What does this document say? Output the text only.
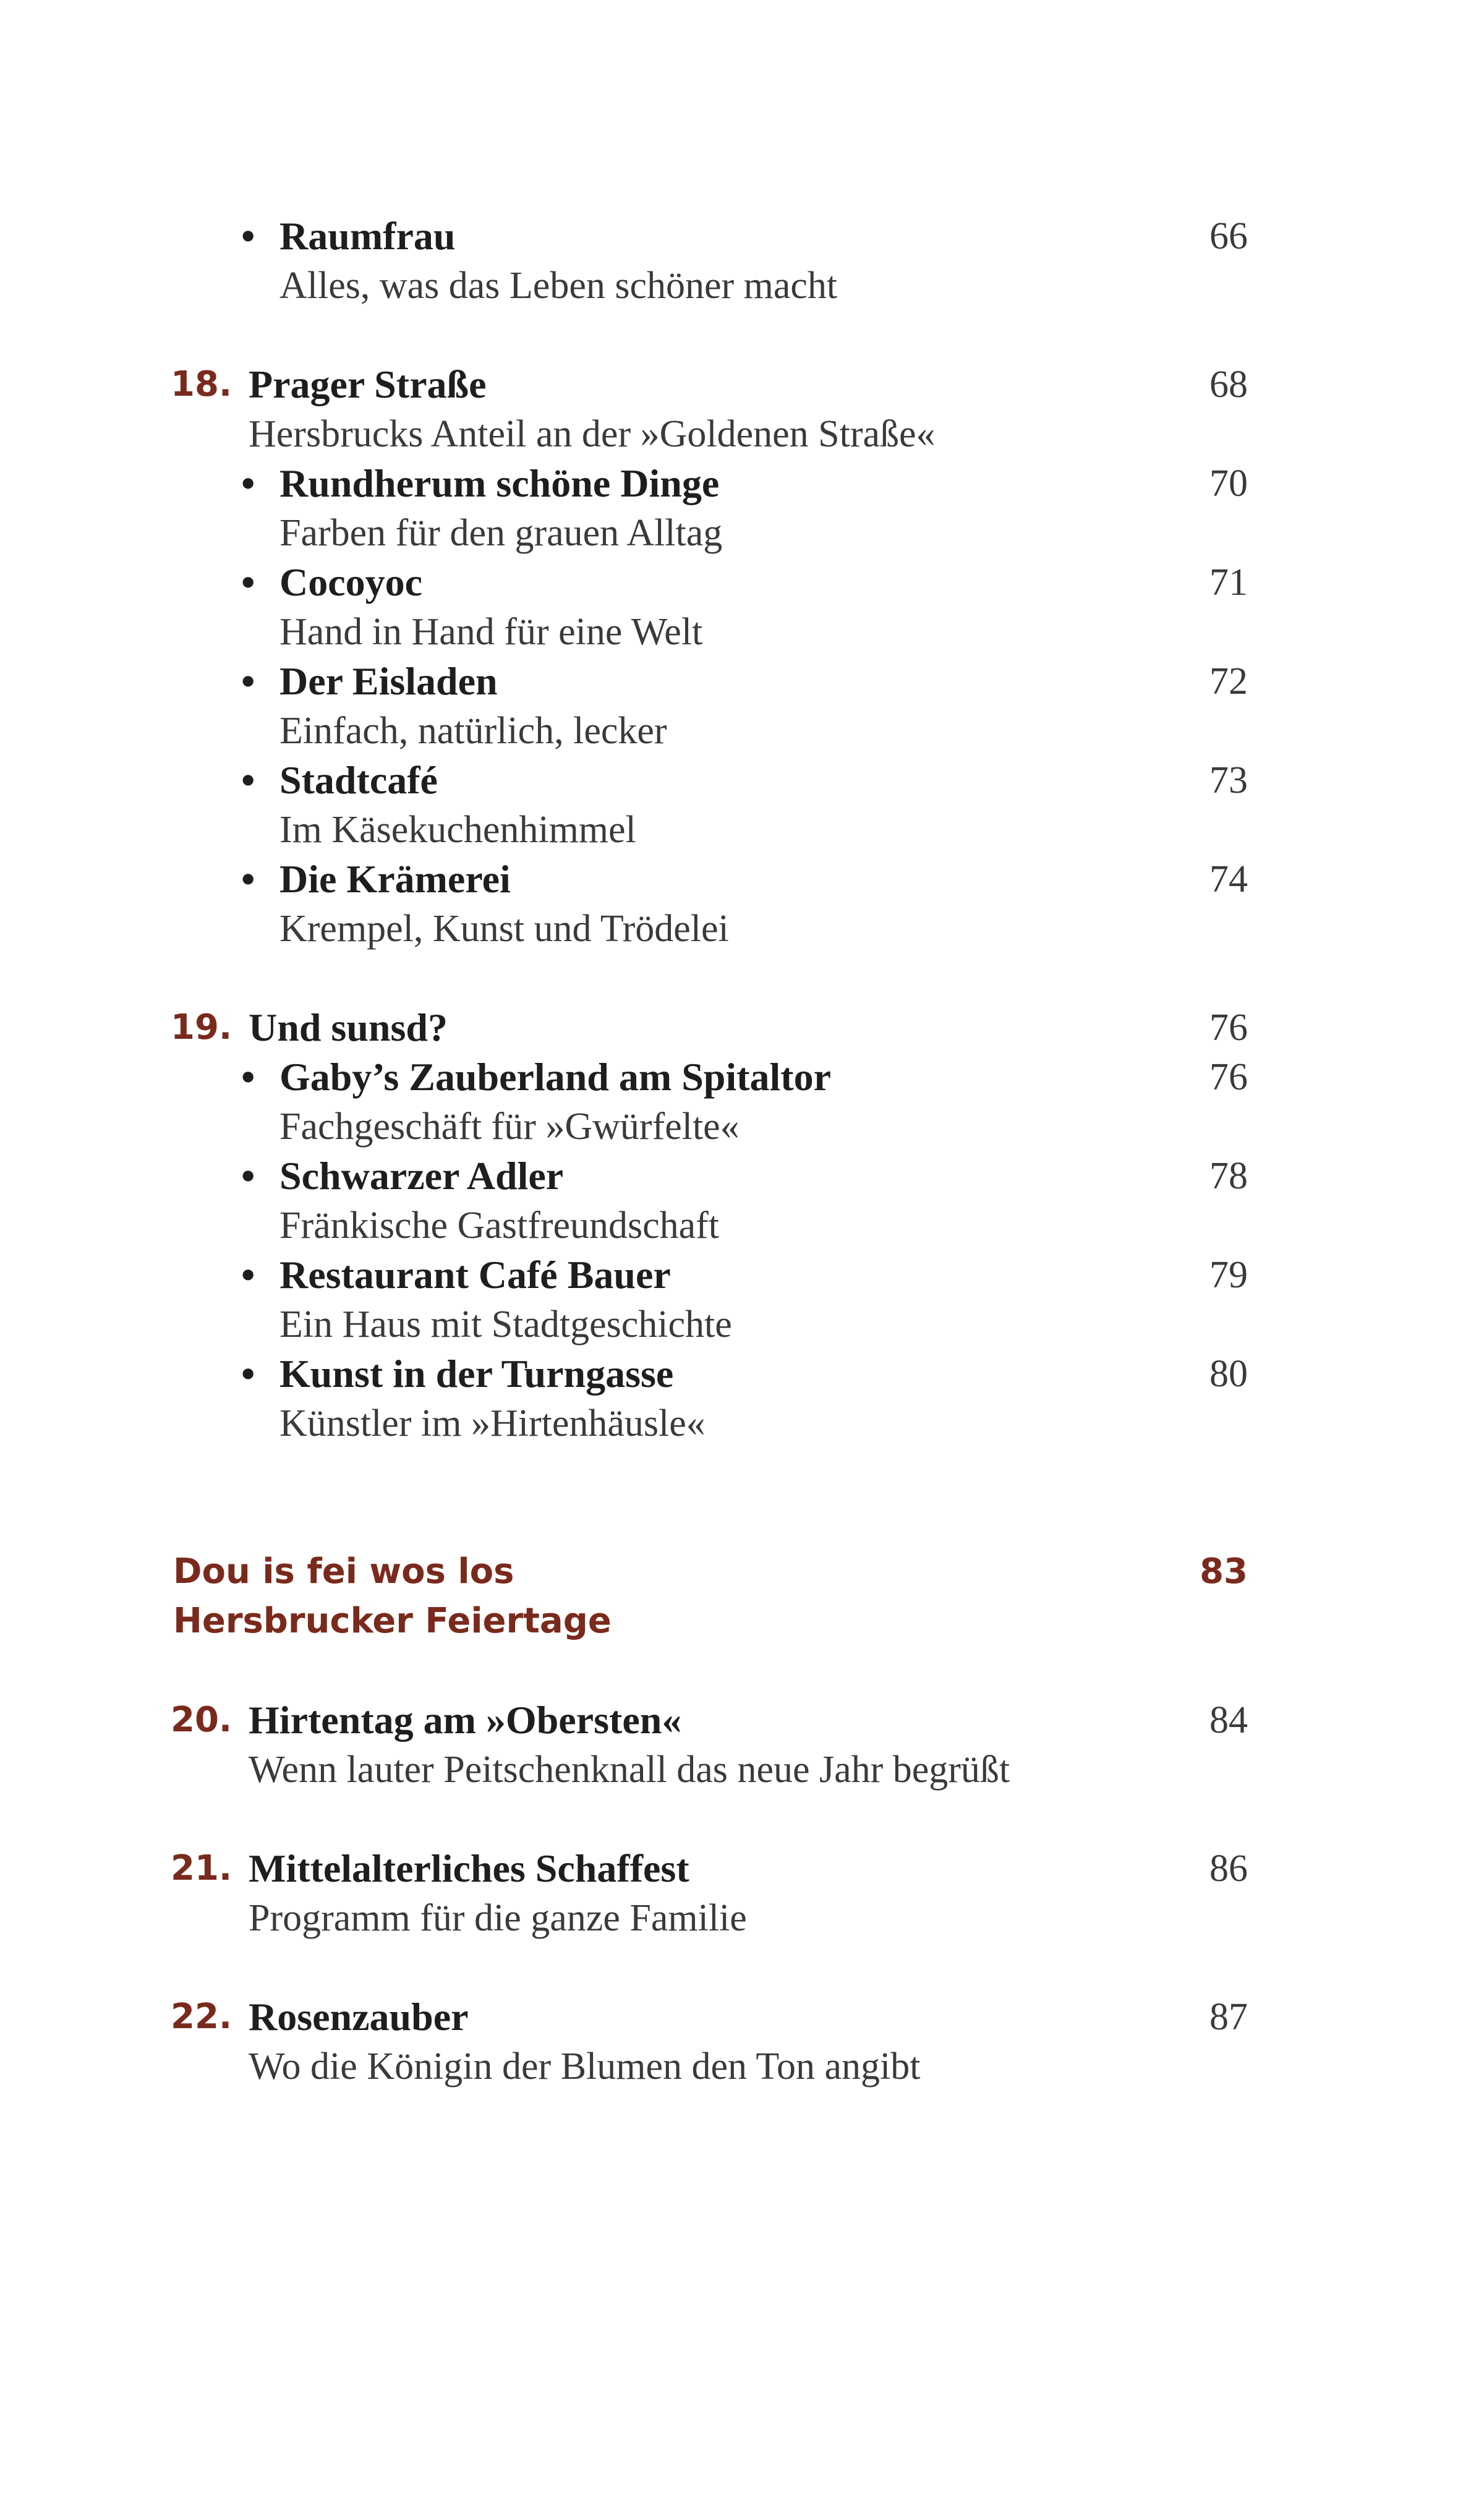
• Raumfrau	66
Alles, was das Leben schöner macht
18. Prager Straße	68
Hersbrucks Anteil an der »Goldenen Straße«
• Rundherum schöne Dinge	70
Farben für den grauen Alltag
• Cocoyoc	71
Hand in Hand für eine Welt
• Der Eisladen	72
Einfach, natürlich, lecker
• Stadtcafé	73
Im Käsekuchenhimmel
• Die Krämerei	74
Krempel, Kunst und Trödelei
19. Und sunsd?	76
• Gaby’s Zauberland am Spitaltor	76
Fachgeschäft für »Gwürfelte«
• Schwarzer Adler	78
Fränkische Gastfreundschaft
• Restaurant Café Bauer	79
Ein Haus mit Stadtgeschichte
• Kunst in der Turngasse	80
Künstler im »Hirtenhäusle«
Dou is fei wos los	83
Hersbrucker Feiertage
20. Hirtentag am »Obersten«	84
Wenn lauter Peitschenknall das neue Jahr begrüßt
21. Mittelalterliches Schaffest	86
Programm für die ganze Familie
22. Rosenzauber	87
Wo die Königin der Blumen den Ton angibt
